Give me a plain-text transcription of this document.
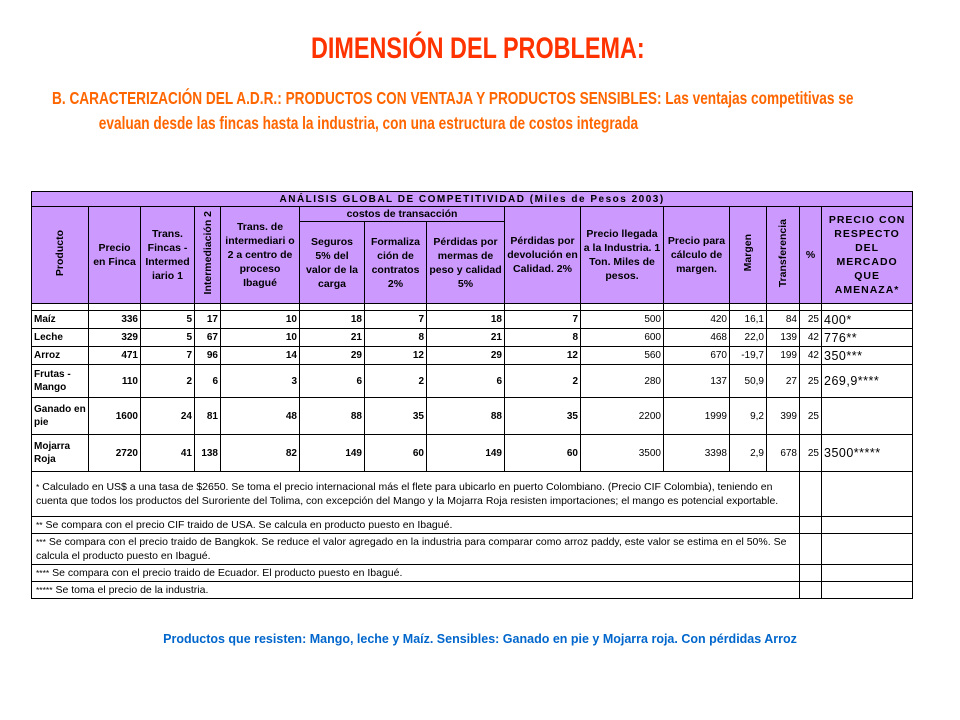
DIMENSIÓN DEL PROBLEMA:
B. CARACTERIZACIÓN DEL A.D.R.: PRODUCTOS CON VENTAJA Y PRODUCTOS SENSIBLES: Las ventajas competitivas se
evaluan desde las fincas hasta la industria, con una estructura de costos integrada
ANÁLISIS GLOBAL DE COMPETITIVIDAD (Miles de Pesos 2003)														
Producto	Precio en Finca	Trans. Fincas - Intermed iario 1	Intermediación 2	Trans. de intermediari o 2 a centro de proceso Ibagué	costos de transacción			Pérdidas por devolución en Calidad. 2%	Precio llegada a la Industria. 1 Ton. Miles de pesos.	Precio para cálculo de margen.	Margen	Transferencia	%	PRECIO CON RESPECTO DEL MERCADO QUE AMENAZA*
					Seguros 5% del valor de la carga	Formaliza ción de contratos 2%	Pérdidas por mermas de peso y calidad 5%							

Maíz	336	5	17	10	18	7	18	7	500	420	16,1	84	25	400*
Leche	329	5	67	10	21	8	21	8	600	468	22,0	139	42	776**
Arroz	471	7	96	14	29	12	29	12	560	670	-19,7	199	42	350***
Frutas - Mango	110	2	6	3	6	2	6	2	280	137	50,9	27	25	269,9****
Ganado en pie	1600	24	81	48	88	35	88	35	2200	1999	9,2	399	25	
Mojarra Roja	2720	41	138	82	149	60	149	60	3500	3398	2,9	678	25	3500*****
* Calculado en US$ a una tasa de $2650. Se toma el precio internacional más el flete para ubicarlo en puerto Colombiano. (Precio CIF Colombia), teniendo en cuenta que todos los productos del Suroriente del Tolima, con excepción del Mango y la Mojarra Roja resisten importaciones; el mango es potencial exportable.														
** Se compara con el precio CIF traido de USA. Se calcula en producto puesto en Ibagué.														
*** Se compara con el precio traido de Bangkok. Se reduce el valor agregado en la industria para comparar como arroz paddy, este valor se estima en el 50%. Se calcula el producto puesto en Ibagué.														
**** Se compara con el precio traido de Ecuador. El producto puesto en Ibagué.														
***** Se toma el precio de la industria.														
Productos que resisten: Mango, leche y Maíz. Sensibles: Ganado en pie y Mojarra roja. Con pérdidas Arroz
